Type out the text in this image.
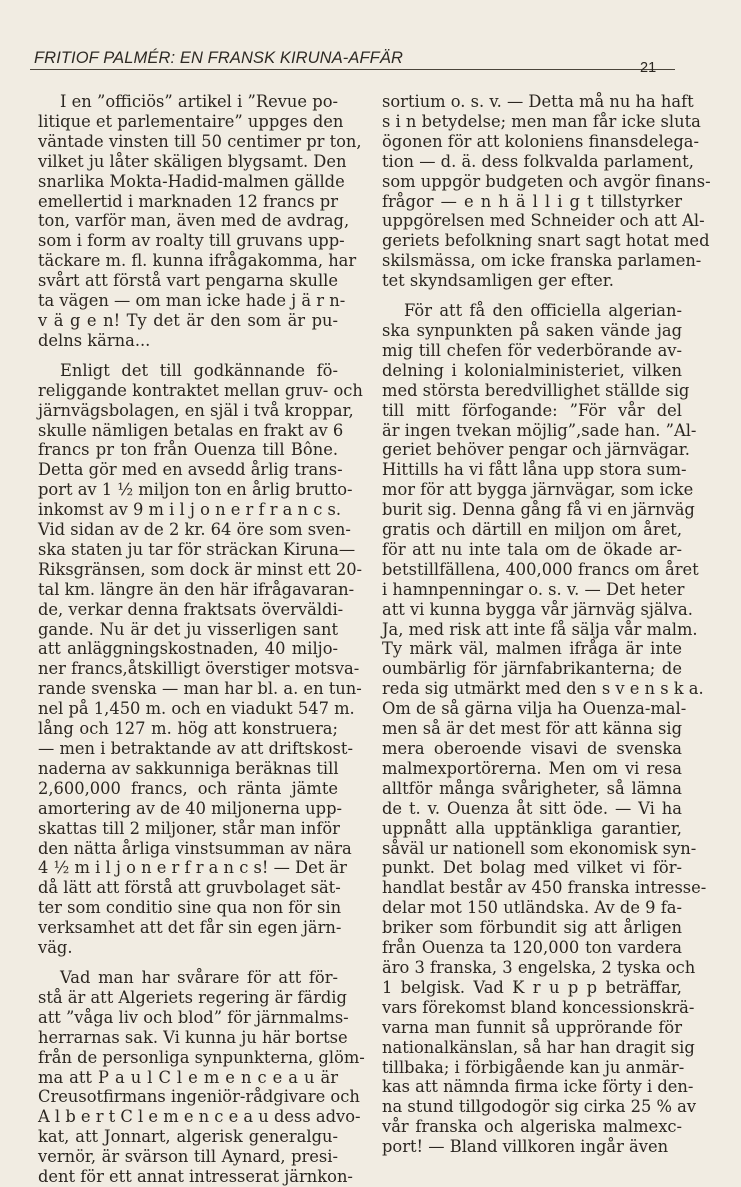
FRITIOF PALMÉR: EN FRANSK KIRUNA-AFFÄR
21

I en ”officiös” artikel i ”Revue po-
litique et parlementaire” uppges den
väntade vinsten till 50 centimer pr ton,
vilket ju låter skäligen blygsamt. Den
snarlika Mokta-Hadid-malmen gällde
emellertid i marknaden 12 francs pr
ton, varför man, även med de avdrag,
som i form av roalty till gruvans upp-
täckare m. fl. kunna ifrågakomma, har
svårt att förstå vart pengarna skulle
ta vägen — om man icke hade j ä r n-
v ä g e n! Ty det är den som är pu-
delns kärna...

Enligt det till godkännande fö-
religgande kontraktet mellan gruv- och
järnvägsbolagen, en själ i två kroppar,
skulle nämligen betalas en frakt av 6
francs pr ton från Ouenza till Bône.
Detta gör med en avsedd årlig trans-
port av 1 ½ miljon ton en årlig brutto-
inkomst av 9 m i l j o n e r f r a n c s.
Vid sidan av de 2 kr. 64 öre som sven-
ska staten ju tar för sträckan Kiruna—
Riksgränsen, som dock är minst ett 20-
tal km. längre än den här ifrågavaran-
de, verkar denna fraktsats överväldi-
gande. Nu är det ju visserligen sant
att anläggningskostnaden, 40 miljo-
ner francs,åtskilligt överstiger motsva-
rande svenska — man har bl. a. en tun-
nel på 1,450 m. och en viadukt 547 m.
lång och 127 m. hög att konstruera;
— men i betraktande av att driftskost-
naderna av sakkunniga beräknas till
2,600,000 francs, och ränta jämte
amortering av de 40 miljonerna upp-
skattas till 2 miljoner, står man inför
den nätta årliga vinstsumman av nära
4 ½ m i l j o n e r f r a n c s! — Det är
då lätt att förstå att gruvbolaget sät-
ter som conditio sine qua non för sin
verksamhet att det får sin egen järn-
väg.

Vad man har svårare för att för-
stå är att Algeriets regering är färdig
att ”våga liv och blod” för järnmalms-
herrarnas sak. Vi kunna ju här bortse
från de personliga synpunkterna, glöm-
ma att P a u l C l e m e n c e a u är
Creusotfirmans ingeniör-rådgivare och
A l b e r t C l e m e n c e a u dess advo-
kat, att Jonnart, algerisk generalgu-
vernör, är svärson till Aynard, presi-
dent för ett annat intresserat järnkon-

sortium o. s. v. — Detta må nu ha haft
s i n betydelse; men man får icke sluta
ögonen för att koloniens finansdelega-
tion — d. ä. dess folkvalda parlament,
som uppgör budgeten och avgör finans-
frågor — e n h ä l l i g t tillstyrker
uppgörelsen med Schneider och att Al-
geriets befolkning snart sagt hotat med
skilsmässa, om icke franska parlamen-
tet skyndsamligen ger efter.

För att få den officiella algerian-
ska synpunkten på saken vände jag
mig till chefen för vederbörande av-
delning i kolonialministeriet, vilken
med största beredvillighet ställde sig
till mitt förfogande: ”För vår del
är ingen tvekan möjlig”,sade han. ”Al-
geriet behöver pengar och järnvägar.
Hittills ha vi fått låna upp stora sum-
mor för att bygga järnvägar, som icke
burit sig. Denna gång få vi en järnväg
gratis och därtill en miljon om året,
för att nu inte tala om de ökade ar-
betstillfällena, 400,000 francs om året
i hamnpenningar o. s. v. — Det heter
att vi kunna bygga vår järnväg själva.
Ja, med risk att inte få sälja vår malm.
Ty märk väl, malmen ifråga är inte
oumbärlig för järnfabrikanterna; de
reda sig utmärkt med den s v e n s k a.
Om de så gärna vilja ha Ouenza-mal-
men så är det mest för att känna sig
mera oberoende visavi de svenska
malmexportörerna. Men om vi resa
alltför många svårigheter, så lämna
de t. v. Ouenza åt sitt öde. — Vi ha
uppnått alla upptänkliga garantier,
såväl ur nationell som ekonomisk syn-
punkt. Det bolag med vilket vi för-
handlat består av 450 franska intresse-
delar mot 150 utländska. Av de 9 fa-
briker som förbundit sig att årligen
från Ouenza ta 120,000 ton vardera
äro 3 franska, 3 engelska, 2 tyska och
1 belgisk. Vad K r u p p beträffar,
vars förekomst bland koncessionskrä-
varna man funnit så upprörande för
nationalkänslan, så har han dragit sig
tillbaka; i förbigående kan ju anmär-
kas att nämnda firma icke förty i den-
na stund tillgodogör sig cirka 25 % av
vår franska och algeriska malmexc-
port! — Bland villkoren ingår även
